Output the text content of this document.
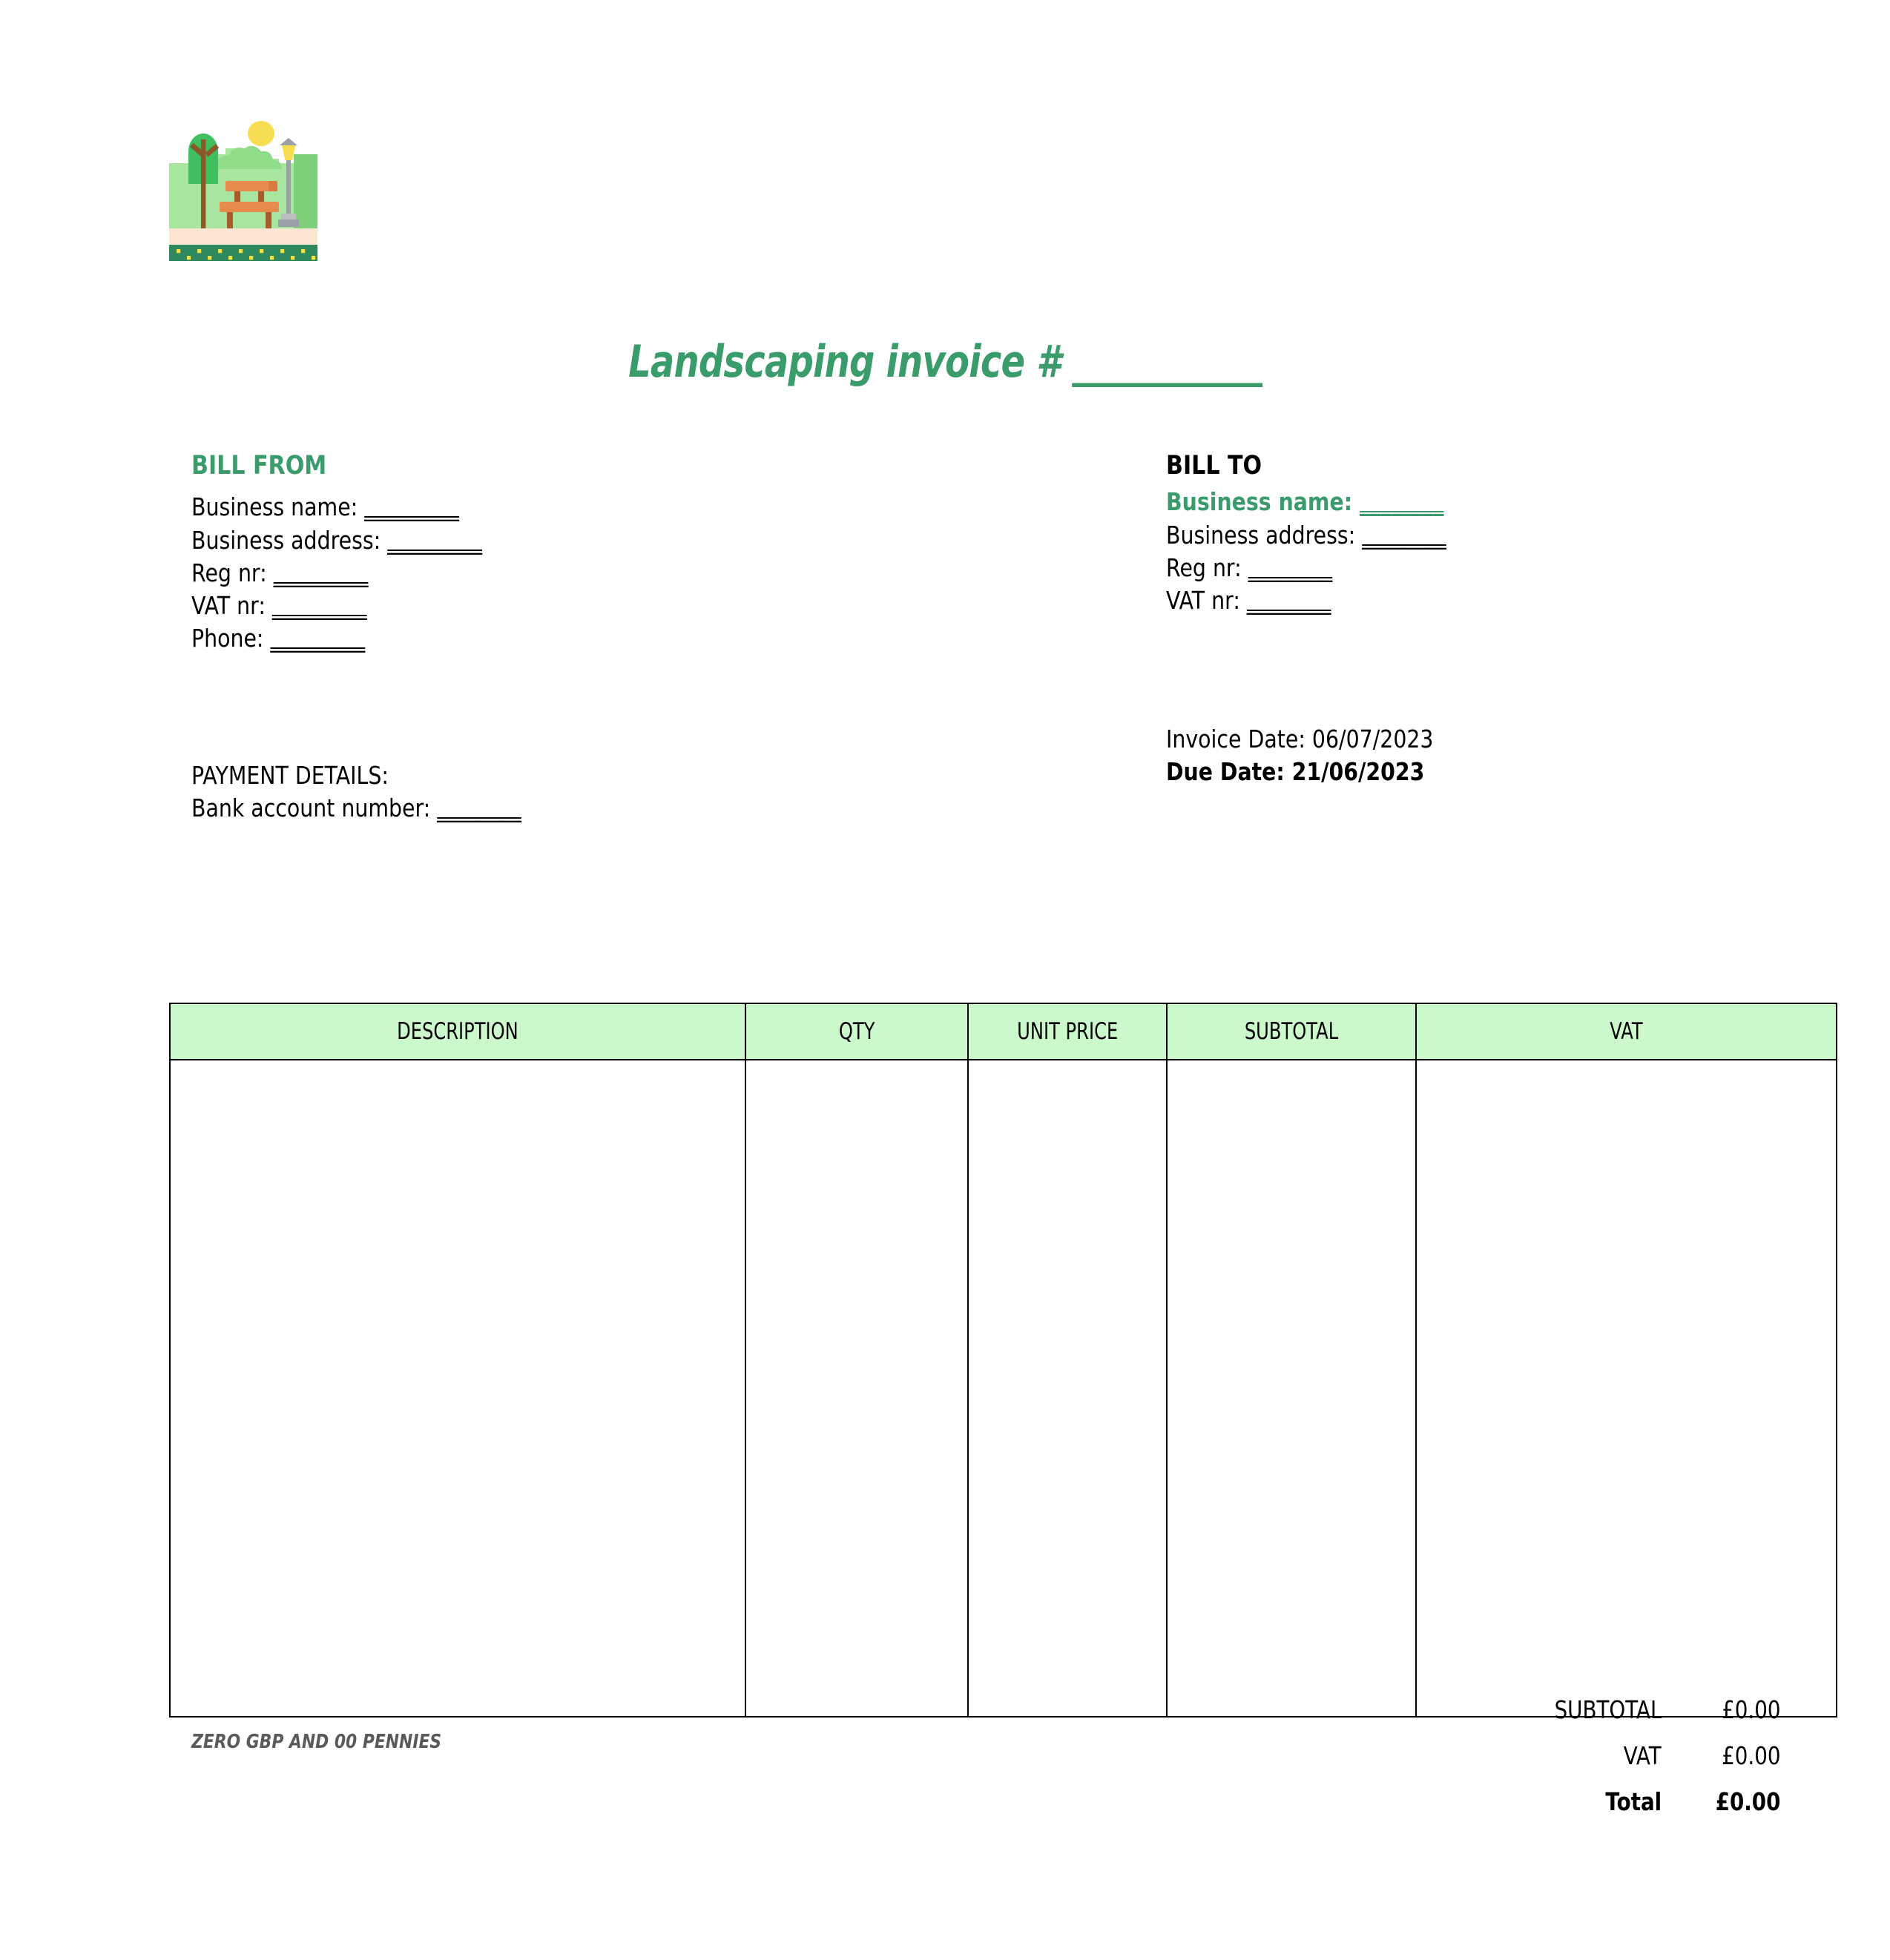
Landscaping invoice # ___________
BILL FROM
Business name: _________
Business address: _________
Reg nr: _________
VAT nr: _________
Phone: _________
BILL TO
Business name: ________
Business address: ________
Reg nr: ________
VAT nr: ________
Invoice Date: 06/07/2023
Due Date: 21/06/2023
PAYMENT DETAILS:
Bank account number: ________
DESCRIPTION	QTY	UNIT PRICE	SUBTOTAL	VAT

ZERO GBP AND 00 PENNIES
SUBTOTAL	£0.00
VAT	£0.00
Total	£0.00
